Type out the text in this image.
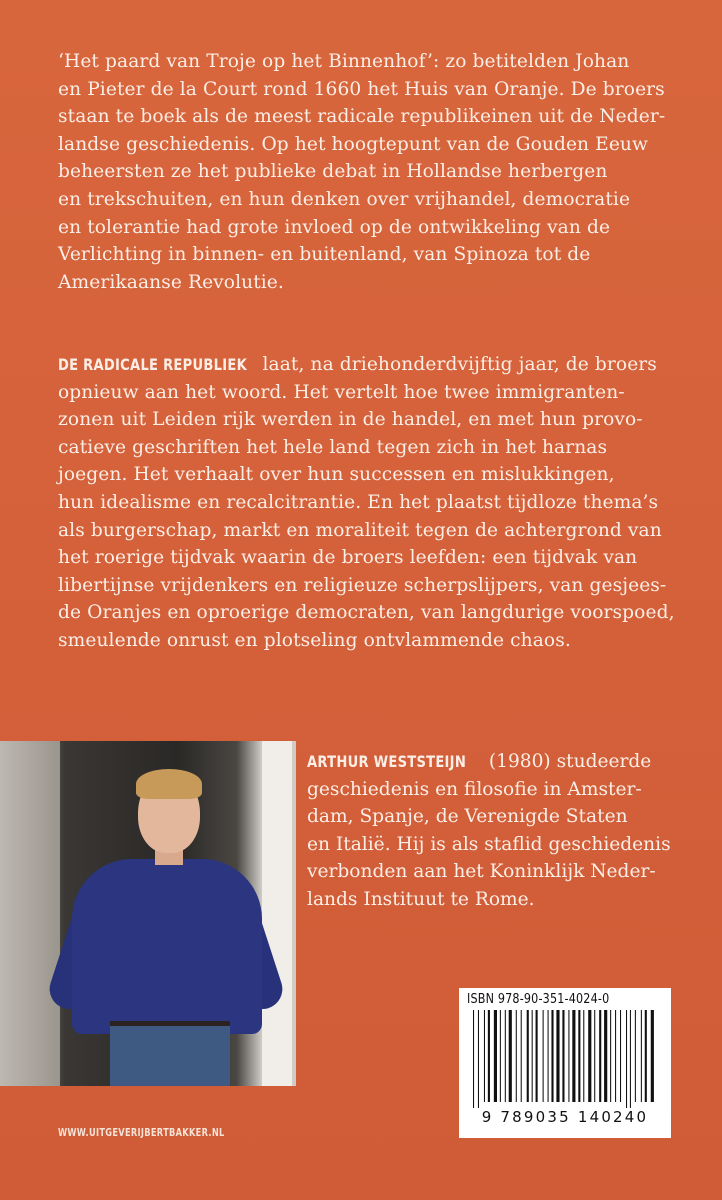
‘Het paard van Troje op het Binnenhof’: zo betitelden Johan
en Pieter de la Court rond 1660 het Huis van Oranje. De broers
staan te boek als de meest radicale republikeinen uit de Neder-
landse geschiedenis. Op het hoogtepunt van de Gouden Eeuw
beheersten ze het publieke debat in Hollandse herbergen
en trekschuiten, en hun denken over vrijhandel, democratie
en tolerantie had grote invloed op de ontwikkeling van de
Verlichting in binnen- en buitenland, van Spinoza tot de
Amerikaanse Revolutie.
DE RADICALE REPUBLIEK laat, na driehonderdvijftig jaar, de broers
opnieuw aan het woord. Het vertelt hoe twee immigranten-
zonen uit Leiden rijk werden in de handel, en met hun provo-
catieve geschriften het hele land tegen zich in het harnas
joegen. Het verhaalt over hun successen en mislukkingen,
hun idealisme en recalcitrantie. En het plaatst tijdloze thema’s
als burgerschap, markt en moraliteit tegen de achtergrond van
het roerige tijdvak waarin de broers leefden: een tijdvak van
libertijnse vrijdenkers en religieuze scherpslijpers, van gesjees-
de Oranjes en oproerige democraten, van langdurige voorspoed,
smeulende onrust en plotseling ontvlammende chaos.
ARTHUR WESTSTEIJN (1980) studeerde
geschiedenis en filosofie in Amster-
dam, Spanje, de Verenigde Staten
en Italië. Hij is als staflid geschiedenis
verbonden aan het Koninklijk Neder-
lands Instituut te Rome.
ISBN 978-90-351-4024-0
9 789035 140240
WWW.UITGEVERIJBERTBAKKER.NL
